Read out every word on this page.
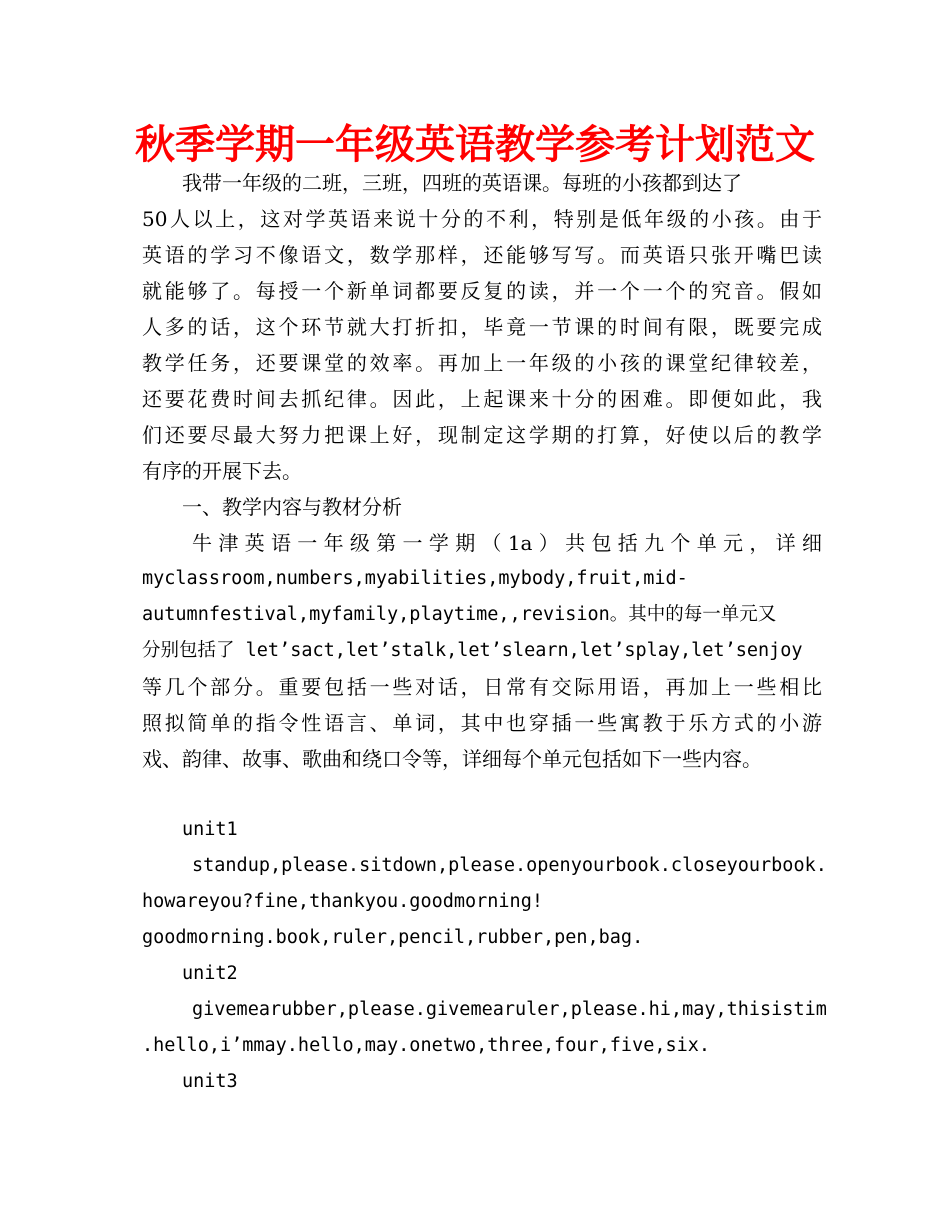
秋季学期一年级英语教学参考计划范文
我带一年级的二班，三班，四班的英语课。每班的小孩都到达了
50人以上，这对学英语来说十分的不利，特别是低年级的小孩。由于
英语的学习不像语文，数学那样，还能够写写。而英语只张开嘴巴读
就能够了。每授一个新单词都要反复的读，并一个一个的究音。假如
人多的话，这个环节就大打折扣，毕竟一节课的时间有限，既要完成
教学任务，还要课堂的效率。再加上一年级的小孩的课堂纪律较差，
还要花费时间去抓纪律。因此，上起课来十分的困难。即便如此，我
们还要尽最大努力把课上好，现制定这学期的打算，好使以后的教学
有序的开展下去。
一、教学内容与教材分析
牛津英语一年级第一学期（1a）共包括九个单元，详细
myclassroom,numbers,myabilities,mybody,fruit,mid-
autumnfestival,myfamily,playtime,,revision。其中的每一单元又
分别包括了 let’sact,let’stalk,let’slearn,let’splay,let’senjoy
等几个部分。重要包括一些对话，日常有交际用语，再加上一些相比
照拟简单的指令性语言、单词，其中也穿插一些寓教于乐方式的小游
戏、韵律、故事、歌曲和绕口令等，详细每个单元包括如下一些内容。
unit1
standup,please.sitdown,please.openyourbook.closeyourbook.
howareyou?fine,thankyou.goodmorning!
goodmorning.book,ruler,pencil,rubber,pen,bag.
unit2
givemearubber,please.givemearuler,please.hi,may,thisistim
.hello,i’mmay.hello,may.onetwo,three,four,five,six.
unit3
